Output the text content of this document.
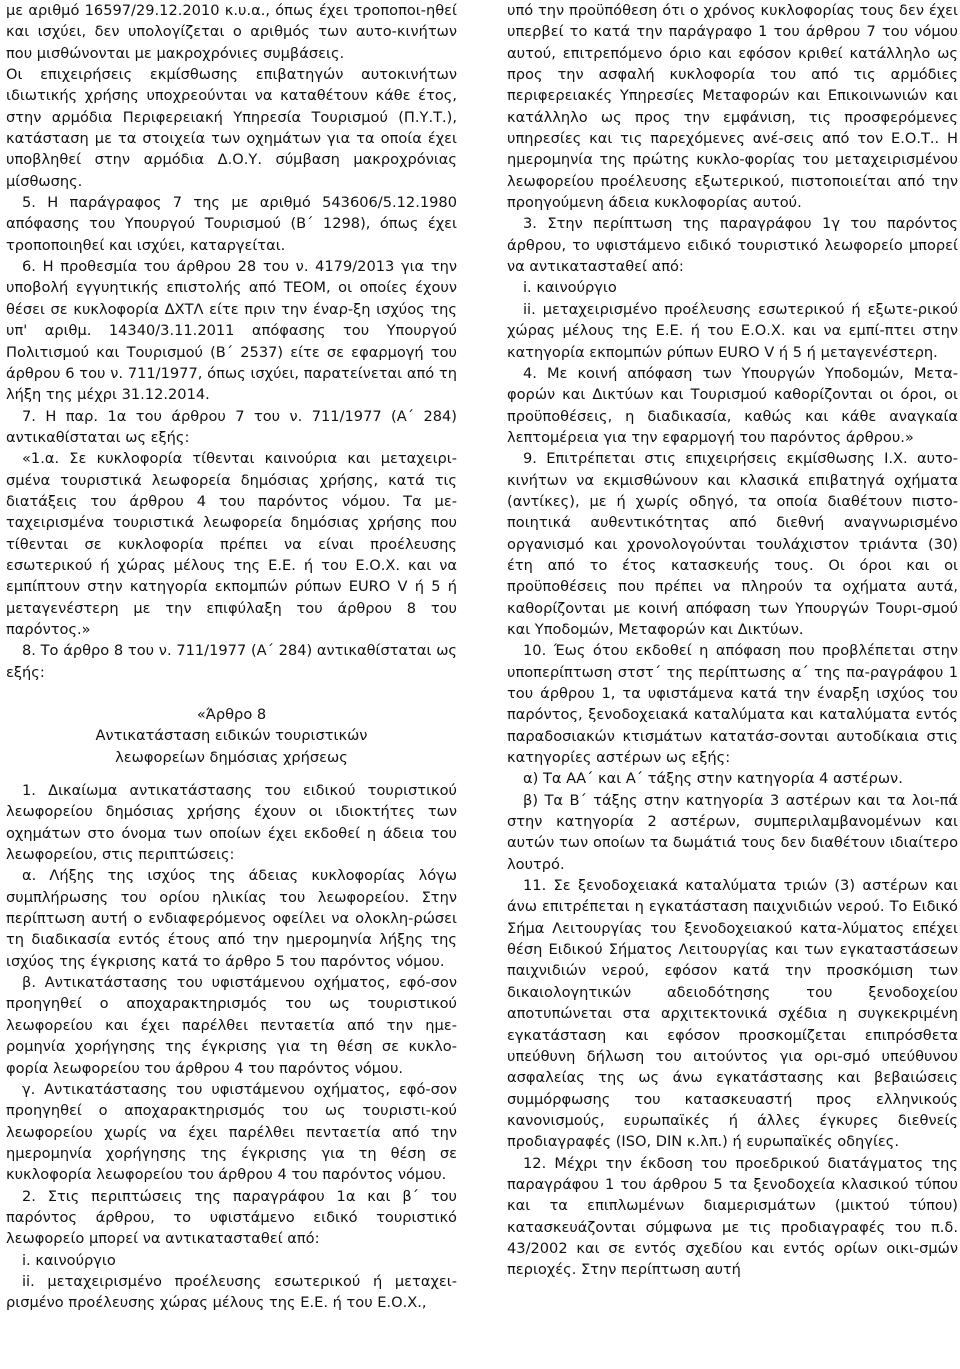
με αριθμό 16597/29.12.2010 κ.υ.α., όπως έχει τροποποι-ηθεί και ισχύει, δεν υπολογίζεται ο αριθμός των αυτο-κινήτων που μισθώνονται με μακροχρόνιες συμβάσεις.

Οι επιχειρήσεις εκμίσθωσης επιβατηγών αυτοκινήτων ιδιωτικής χρήσης υποχρεούνται να καταθέτουν κάθε έτος, στην αρμόδια Περιφερειακή Υπηρεσία Τουρισμού (Π.Υ.Τ.), κατάσταση με τα στοιχεία των οχημάτων για τα οποία έχει υποβληθεί στην αρμόδια Δ.Ο.Υ. σύμβαση μακροχρόνιας μίσθωσης.

5. Η παράγραφος 7 της με αριθμό 543606/5.12.1980 απόφασης του Υπουργού Τουρισμού (Β΄ 1298), όπως έχει τροποποιηθεί και ισχύει, καταργείται.

6. Η προθεσμία του άρθρου 28 του ν. 4179/2013 για την υποβολή εγγυητικής επιστολής από ΤΕΟΜ, οι οποίες έχουν θέσει σε κυκλοφορία ΔΧΤΛ είτε πριν την έναρ-ξη ισχύος της υπ' αριθμ. 14340/3.11.2011 απόφασης του Υπουργού Πολιτισμού και Τουρισμού (Β΄ 2537) είτε σε εφαρμογή του άρθρου 6 του ν. 711/1977, όπως ισχύει, παρατείνεται από τη λήξη της μέχρι 31.12.2014.

7. Η παρ. 1α του άρθρου 7 του ν. 711/1977 (Α΄ 284) αντικαθίσταται ως εξής:

«1.α. Σε κυκλοφορία τίθενται καινούρια και μεταχειρι-σμένα τουριστικά λεωφορεία δημόσιας χρήσης, κατά τις διατάξεις του άρθρου 4 του παρόντος νόμου. Τα με-ταχειρισμένα τουριστικά λεωφορεία δημόσιας χρήσης που τίθενται σε κυκλοφορία πρέπει να είναι προέλευσης εσωτερικού ή χώρας μέλους της Ε.Ε. ή του Ε.Ο.Χ. και να εμπίπτουν στην κατηγορία εκπομπών ρύπων EURO V ή 5 ή μεταγενέστερη με την επιφύλαξη του άρθρου 8 του παρόντος.»

8. Το άρθρο 8 του ν. 711/1977 (Α΄ 284) αντικαθίσταται ως εξής:

«Άρθρο 8
Αντικατάσταση ειδικών τουριστικών
λεωφορείων δημόσιας χρήσεως

1. Δικαίωμα αντικατάστασης του ειδικού τουριστικού λεωφορείου δημόσιας χρήσης έχουν οι ιδιοκτήτες των οχημάτων στο όνομα των οποίων έχει εκδοθεί η άδεια του λεωφορείου, στις περιπτώσεις:

α. Λήξης της ισχύος της άδειας κυκλοφορίας λόγω συμπλήρωσης του ορίου ηλικίας του λεωφορείου. Στην περίπτωση αυτή ο ενδιαφερόμενος οφείλει να ολοκλη-ρώσει τη διαδικασία εντός έτους από την ημερομηνία λήξης της ισχύος της έγκρισης κατά το άρθρο 5 του παρόντος νόμου.

β. Αντικατάστασης του υφιστάμενου οχήματος, εφό-σον προηγηθεί ο αποχαρακτηρισμός του ως τουριστικού λεωφορείου και έχει παρέλθει πενταετία από την ημε-ρομηνία χορήγησης της έγκρισης για τη θέση σε κυκλο-φορία λεωφορείου του άρθρου 4 του παρόντος νόμου.

γ. Αντικατάστασης του υφιστάμενου οχήματος, εφό-σον προηγηθεί ο αποχαρακτηρισμός του ως τουριστι-κού λεωφορείου χωρίς να έχει παρέλθει πενταετία από την ημερομηνία χορήγησης της έγκρισης για τη θέση σε κυκλοφορία λεωφορείου του άρθρου 4 του παρόντος νόμου.

2. Στις περιπτώσεις της παραγράφου 1α και β΄ του παρόντος άρθρου, το υφιστάμενο ειδικό τουριστικό λεωφορείο μπορεί να αντικατασταθεί από:

i. καινούργιο

ii. μεταχειρισμένο προέλευσης εσωτερικού ή μεταχει-ρισμένο προέλευσης χώρας μέλους της Ε.Ε. ή του Ε.Ο.Χ.,

υπό την προϋπόθεση ότι ο χρόνος κυκλοφορίας τους δεν έχει υπερβεί το κατά την παράγραφο 1 του άρθρου 7 του νόμου αυτού, επιτρεπόμενο όριο και εφόσον κριθεί κατάλληλο ως προς την ασφαλή κυκλοφορία του από τις αρμόδιες περιφερειακές Υπηρεσίες Μεταφορών και Επικοινωνιών και κατάλληλο ως προς την εμφάνιση, τις προσφερόμενες υπηρεσίες και τις παρεχόμενες ανέ-σεις από τον Ε.Ο.Τ.. Η ημερομηνία της πρώτης κυκλο-φορίας του μεταχειρισμένου λεωφορείου προέλευσης εξωτερικού, πιστοποιείται από την προηγούμενη άδεια κυκλοφορίας αυτού.

3. Στην περίπτωση της παραγράφου 1γ του παρόντος άρθρου, το υφιστάμενο ειδικό τουριστικό λεωφορείο μπορεί να αντικατασταθεί από:

i. καινούργιο

ii. μεταχειρισμένο προέλευσης εσωτερικού ή εξωτε-ρικού χώρας μέλους της Ε.Ε. ή του Ε.Ο.Χ. και να εμπί-πτει στην κατηγορία εκπομπών ρύπων EURO V ή 5 ή μεταγενέστερη.

4. Με κοινή απόφαση των Υπουργών Υποδομών, Μετα-φορών και Δικτύων και Τουρισμού καθορίζονται οι όροι, οι προϋποθέσεις, η διαδικασία, καθώς και κάθε αναγκαία λεπτομέρεια για την εφαρμογή του παρόντος άρθρου.»

9. Επιτρέπεται στις επιχειρήσεις εκμίσθωσης Ι.Χ. αυτο-κινήτων να εκμισθώνουν και κλασικά επιβατηγά οχήματα (αντίκες), με ή χωρίς οδηγό, τα οποία διαθέτουν πιστο-ποιητικά αυθεντικότητας από διεθνή αναγνωρισμένο οργανισμό και χρονολογούνται τουλάχιστον τριάντα (30) έτη από το έτος κατασκευής τους. Οι όροι και οι προϋποθέσεις που πρέπει να πληρούν τα οχήματα αυτά, καθορίζονται με κοινή απόφαση των Υπουργών Τουρι-σμού και Υποδομών, Μεταφορών και Δικτύων.

10. Έως ότου εκδοθεί η απόφαση που προβλέπεται στην υποπερίπτωση στστ΄ της περίπτωσης α΄ της πα-ραγράφου 1 του άρθρου 1, τα υφιστάμενα κατά την έναρξη ισχύος του παρόντος, ξενοδοχειακά καταλύματα και καταλύματα εντός παραδοσιακών κτισμάτων κατατάσ-σονται αυτοδίκαια στις κατηγορίες αστέρων ως εξής:

α) Τα ΑΑ΄ και Α΄ τάξης στην κατηγορία 4 αστέρων.

β) Τα Β΄ τάξης στην κατηγορία 3 αστέρων και τα λοι-πά στην κατηγορία 2 αστέρων, συμπεριλαμβανομένων και αυτών των οποίων τα δωμάτιά τους δεν διαθέτουν ιδιαίτερο λουτρό.

11. Σε ξενοδοχειακά καταλύματα τριών (3) αστέρων και άνω επιτρέπεται η εγκατάσταση παιχνιδιών νερού. Το Ειδικό Σήμα Λειτουργίας του ξενοδοχειακού κατα-λύματος επέχει θέση Ειδικού Σήματος Λειτουργίας και των εγκαταστάσεων παιχνιδιών νερού, εφόσον κατά την προσκόμιση των δικαιολογητικών αδειοδότησης του ξενοδοχείου αποτυπώνεται στα αρχιτεκτονικά σχέδια η συγκεκριμένη εγκατάσταση και εφόσον προσκομίζεται επιπρόσθετα υπεύθυνη δήλωση του αιτούντος για ορι-σμό υπεύθυνου ασφαλείας της ως άνω εγκατάστασης και βεβαιώσεις συμμόρφωσης του κατασκευαστή προς ελληνικούς κανονισμούς, ευρωπαϊκές ή άλλες έγκυρες διεθνείς προδιαγραφές (ISO, DIN κ.λπ.) ή ευρωπαϊκές οδηγίες.

12. Μέχρι την έκδοση του προεδρικού διατάγματος της παραγράφου 1 του άρθρου 5 τα ξενοδοχεία κλασικού τύπου και τα επιπλωμένων διαμερισμάτων (μικτού τύπου) κατασκευάζονται σύμφωνα με τις προδιαγραφές του π.δ. 43/2002 και σε εντός σχεδίου και εντός ορίων οικι-σμών περιοχές. Στην περίπτωση αυτή
